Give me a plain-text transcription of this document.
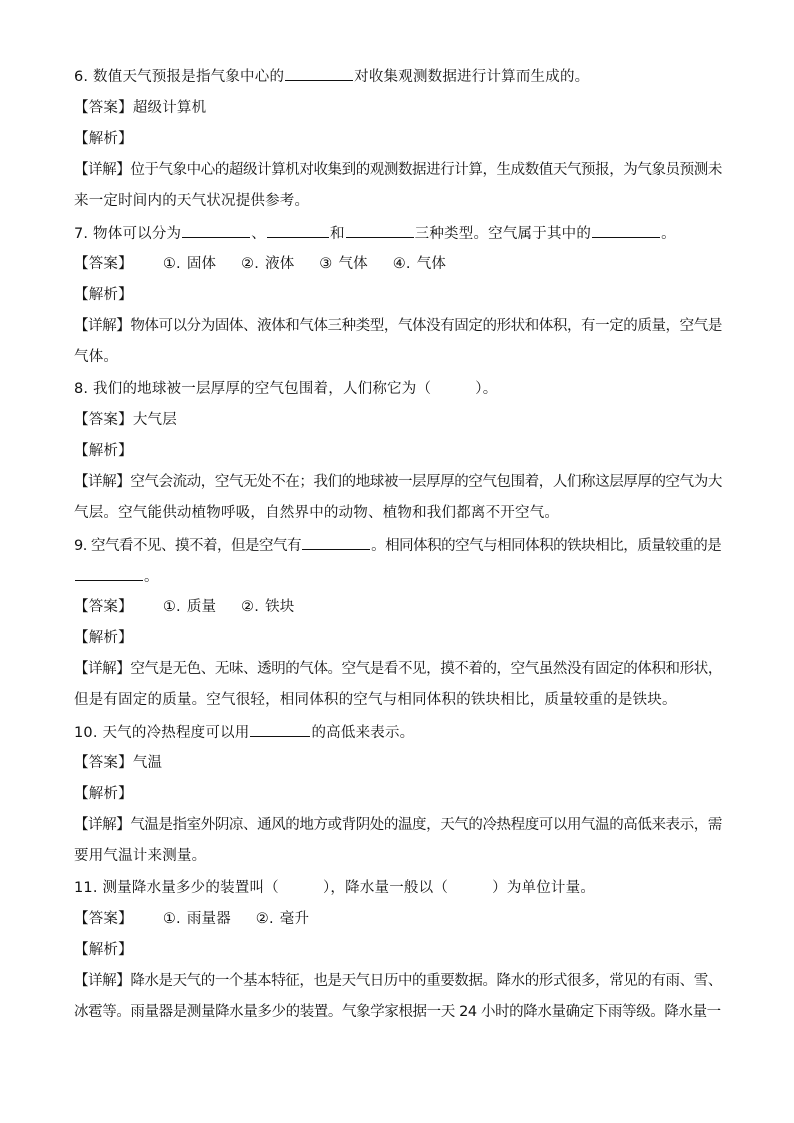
6. 数值天气预报是指气象中心的	对收集观测数据进行计算而生成的。
【答案】超级计算机
【解析】
【详解】位于气象中心的超级计算机对收集到的观测数据进行计算，生成数值天气预报，为气象员预测未
来一定时间内的天气状况提供参考。
7. 物体可以分为	、	和	三种类型。空气属于其中的	。
【答案】 ①. 固体 ②. 液体 ③ 气体 ④. 气体
【解析】
【详解】物体可以分为固体、液体和气体三种类型，气体没有固定的形状和体积，有一定的质量，空气是
气体。
8. 我们的地球被一层厚厚的空气包围着，人们称它为（　　　）。
【答案】大气层
【解析】
【详解】空气会流动，空气无处不在；我们的地球被一层厚厚的空气包围着，人们称这层厚厚的空气为大
气层。空气能供动植物呼吸，自然界中的动物、植物和我们都离不开空气。
9. 空气看不见、摸不着，但是空气有	。相同体积的空气与相同体积的铁块相比，质量较重的是
。
【答案】 ①. 质量 ②. 铁块
【解析】
【详解】空气是无色、无味、透明的气体。空气是看不见，摸不着的，空气虽然没有固定的体积和形状，
但是有固定的质量。空气很轻，相同体积的空气与相同体积的铁块相比，质量较重的是铁块。
10. 天气的冷热程度可以用	的高低来表示。
【答案】气温
【解析】
【详解】气温是指室外阴凉、通风的地方或背阴处的温度，天气的冷热程度可以用气温的高低来表示，需
要用气温计来测量。
11. 测量降水量多少的装置叫（　　　），降水量一般以（　　　）为单位计量。
【答案】 ①. 雨量器 ②. 毫升
【解析】
【详解】降水是天气的一个基本特征，也是天气日历中的重要数据。降水的形式很多，常见的有雨、雪、
冰雹等。雨量器是测量降水量多少的装置。气象学家根据一天 24 小时的降水量确定下雨等级。降水量一
